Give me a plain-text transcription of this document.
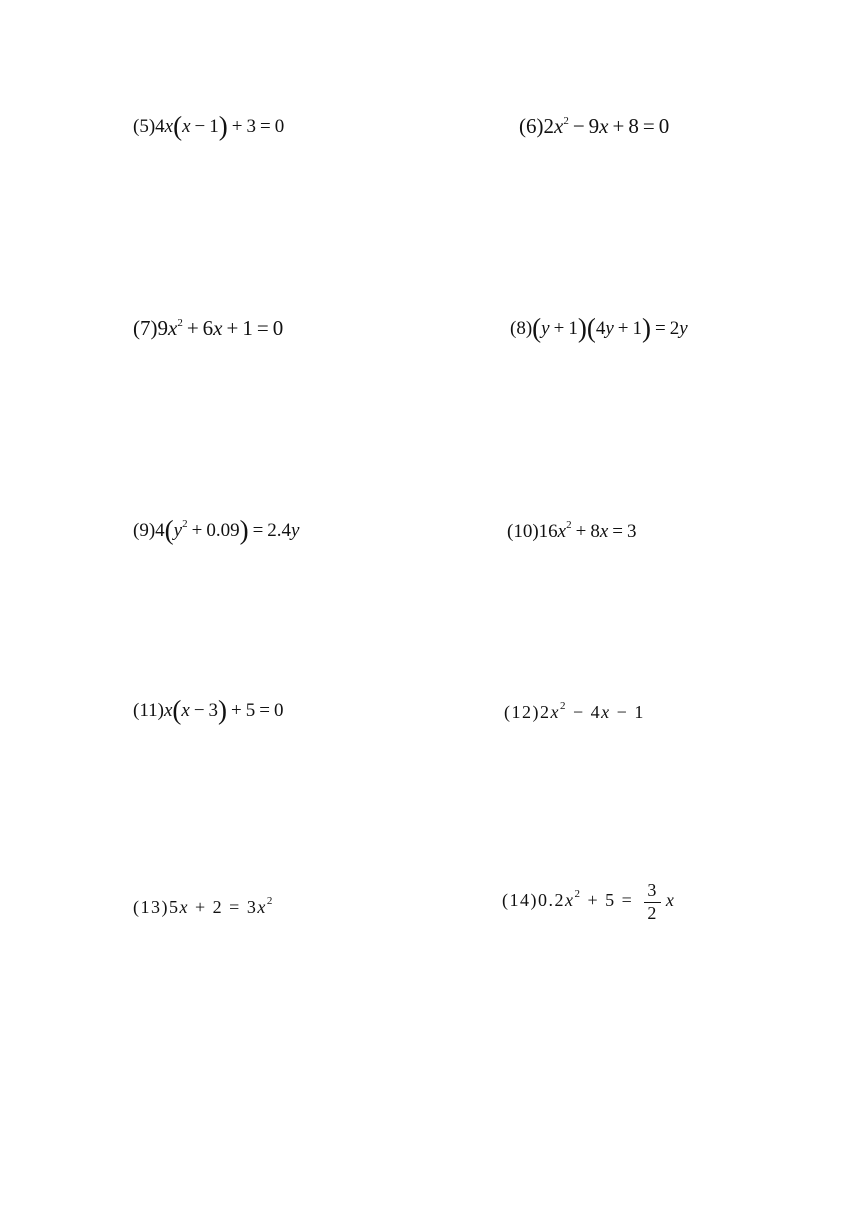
(5)4x(x − 1) + 3 = 0	$(6)2x^2 - 9x + 8 = 0$
$(7)9x^2 + 6x + 1 = 0$	(8)(y + 1)(4y + 1) = 2y
$(9)4(y^2 + 0.09) = 2.4y$	$(10)16x^2 + 8x = 3$
(11)x(x − 3) + 5 = 0	$(12)2x^2 - 4x - 1$
$(13)5x + 2 = 3x^2$	$(14)0.2x^2 + 5 = \frac{3}{2}$ x
